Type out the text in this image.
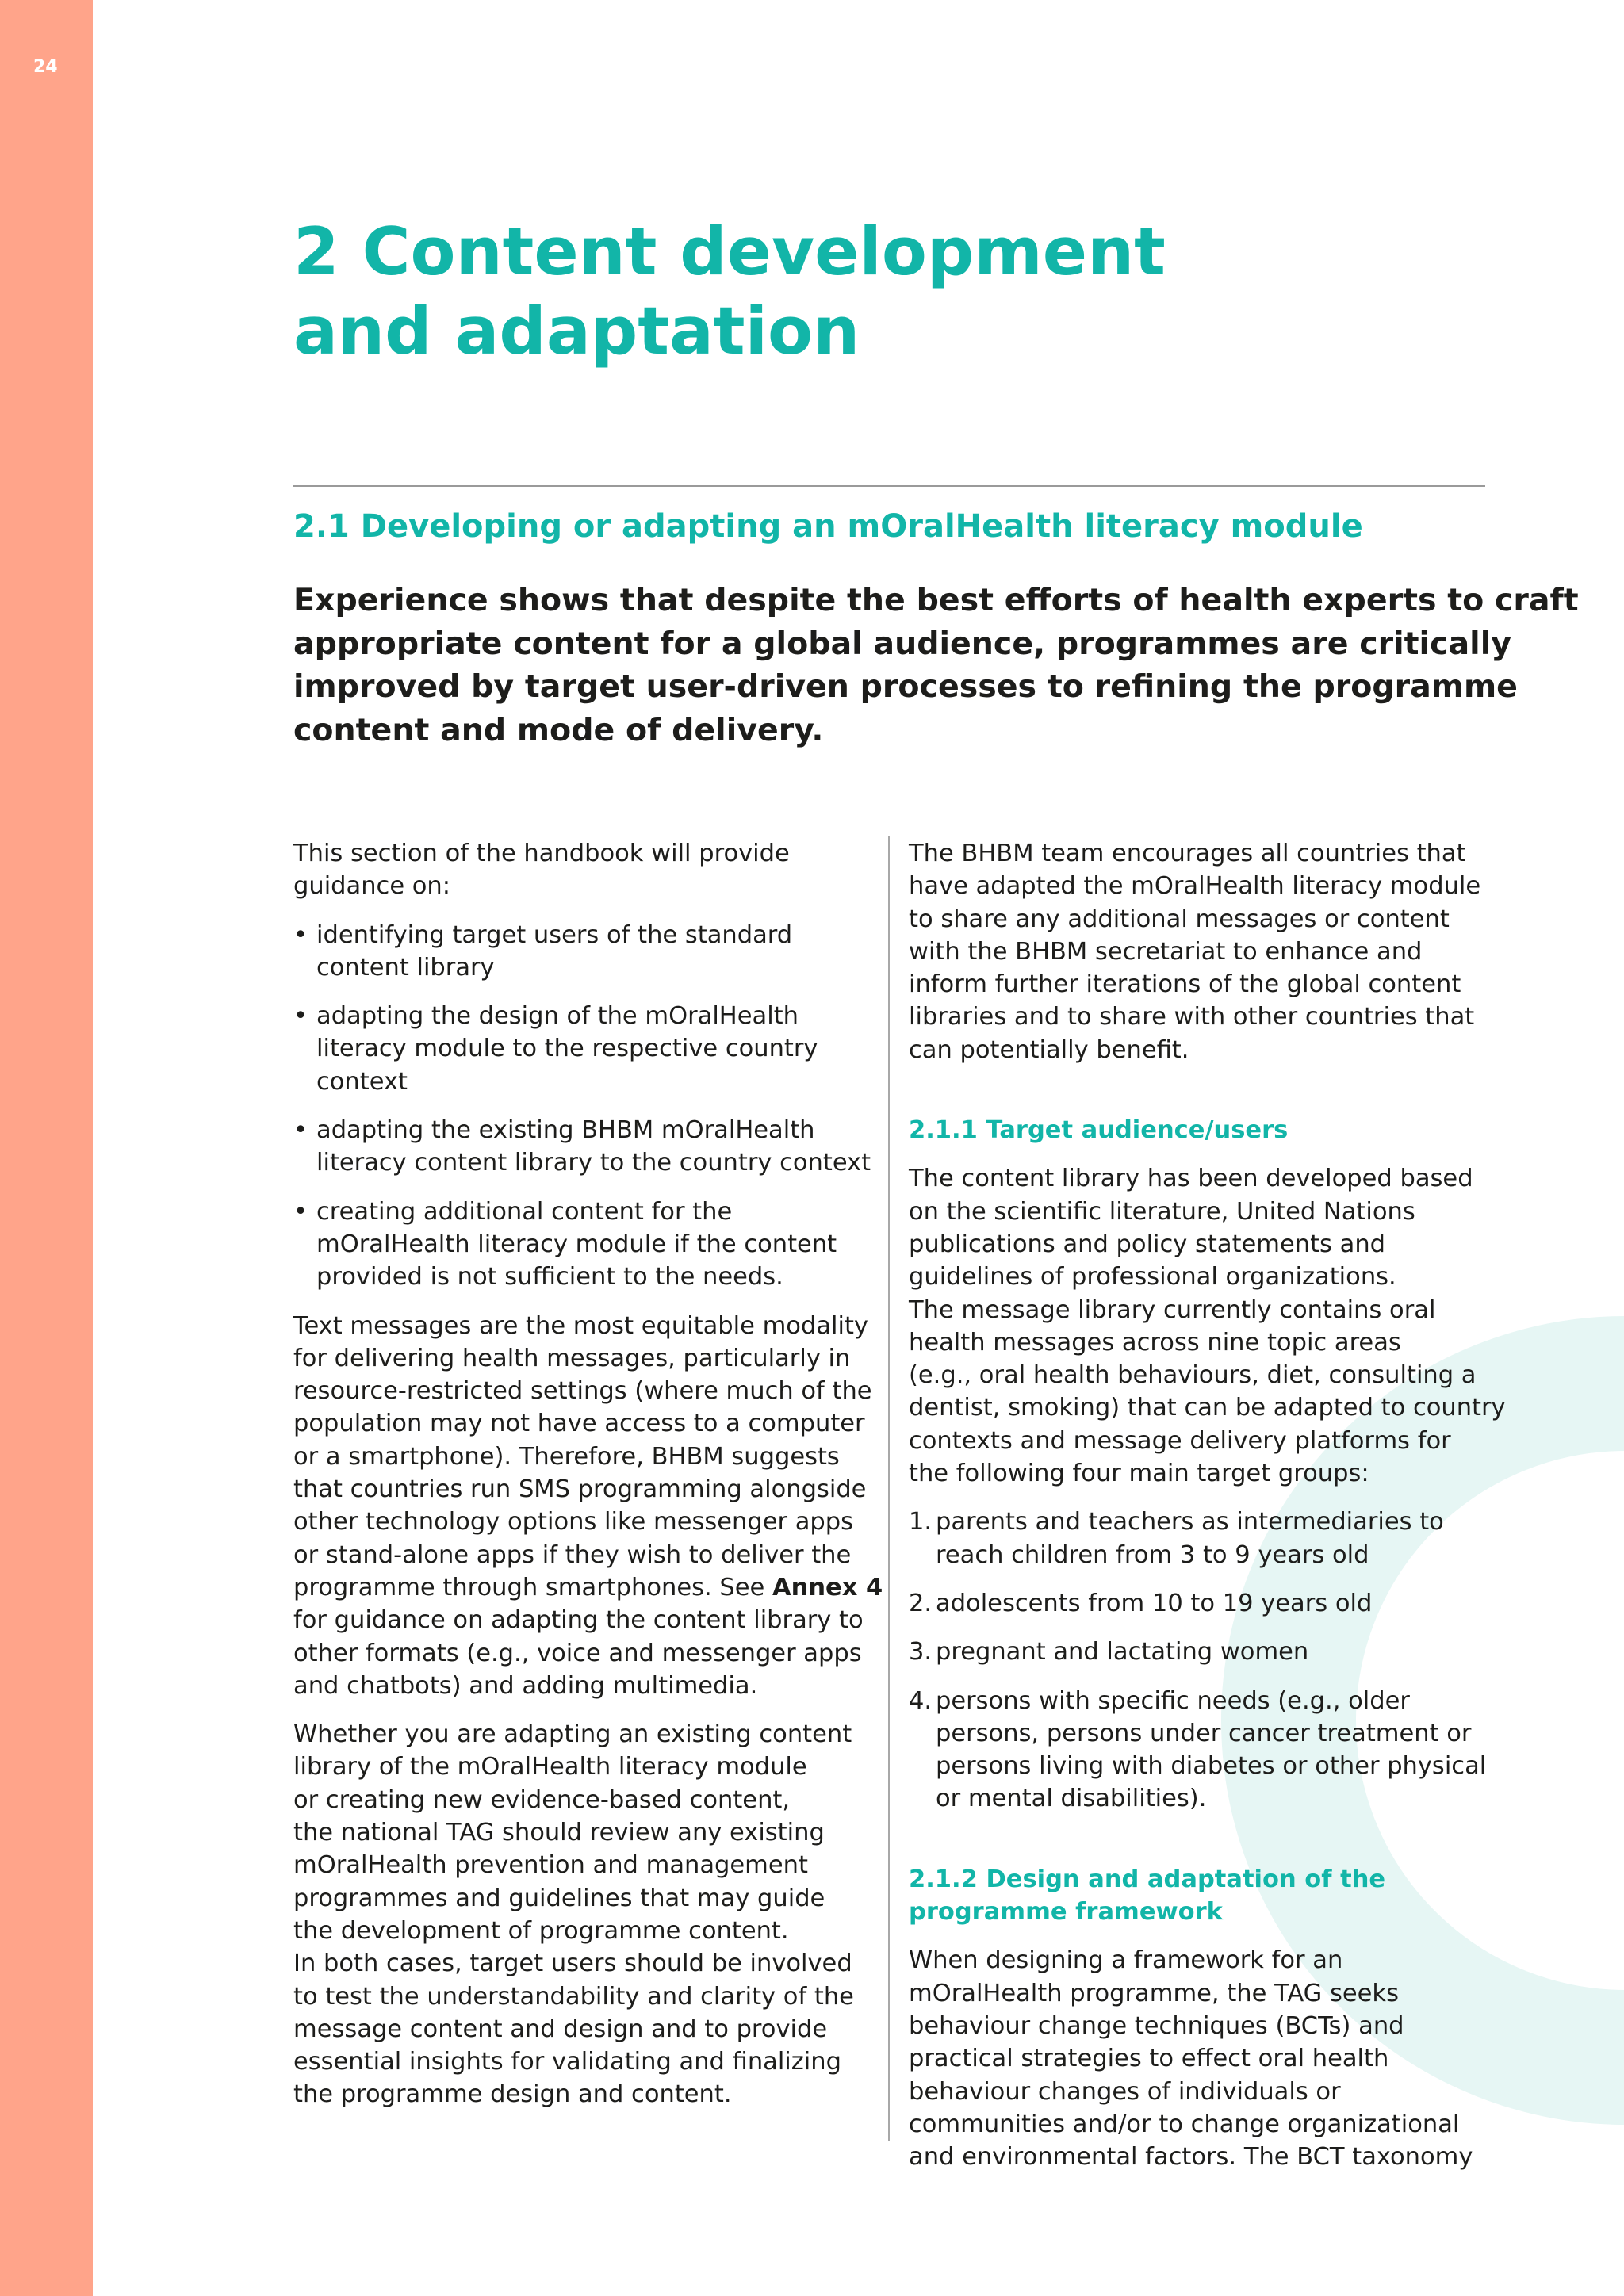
24
2 Content development
and adaptation
2.1 Developing or adapting an mOralHealth literacy module

Experience shows that despite the best efforts of health experts to craft
appropriate content for a global audience, programmes are critically
improved by target user-driven processes to refining the programme
content and mode of delivery.

This section of the handbook will provide
guidance on:

• identifying target users of the standard
content library
• adapting the design of the mOralHealth
literacy module to the respective country
context
• adapting the existing BHBM mOralHealth
literacy content library to the country context
• creating additional content for the
mOralHealth literacy module if the content
provided is not sufficient to the needs.

Text messages are the most equitable modality
for delivering health messages, particularly in
resource-restricted settings (where much of the
population may not have access to a computer
or a smartphone). Therefore, BHBM suggests
that countries run SMS programming alongside
other technology options like messenger apps
or stand-alone apps if they wish to deliver the
programme through smartphones. See Annex 4
for guidance on adapting the content library to
other formats (e.g., voice and messenger apps
and chatbots) and adding multimedia.

Whether you are adapting an existing content
library of the mOralHealth literacy module
or creating new evidence-based content,
the national TAG should review any existing
mOralHealth prevention and management
programmes and guidelines that may guide
the development of programme content.
In both cases, target users should be involved
to test the understandability and clarity of the
message content and design and to provide
essential insights for validating and finalizing
the programme design and content.

The BHBM team encourages all countries that
have adapted the mOralHealth literacy module
to share any additional messages or content
with the BHBM secretariat to enhance and
inform further iterations of the global content
libraries and to share with other countries that
can potentially benefit.

2.1.1 Target audience/users

The content library has been developed based
on the scientific literature, United Nations
publications and policy statements and
guidelines of professional organizations.
The message library currently contains oral
health messages across nine topic areas
(e.g., oral health behaviours, diet, consulting a
dentist, smoking) that can be adapted to country
contexts and message delivery platforms for
the following four main target groups:

1. parents and teachers as intermediaries to
reach children from 3 to 9 years old
2. adolescents from 10 to 19 years old
3. pregnant and lactating women
4. persons with specific needs (e.g., older
persons, persons under cancer treatment or
persons living with diabetes or other physical
or mental disabilities).
2.1.2 Design and adaptation of the
programme framework

When designing a framework for an
mOralHealth programme, the TAG seeks
behaviour change techniques (BCTs) and
practical strategies to effect oral health
behaviour changes of individuals or
communities and/or to change organizational
and environmental factors. The BCT taxonomy
